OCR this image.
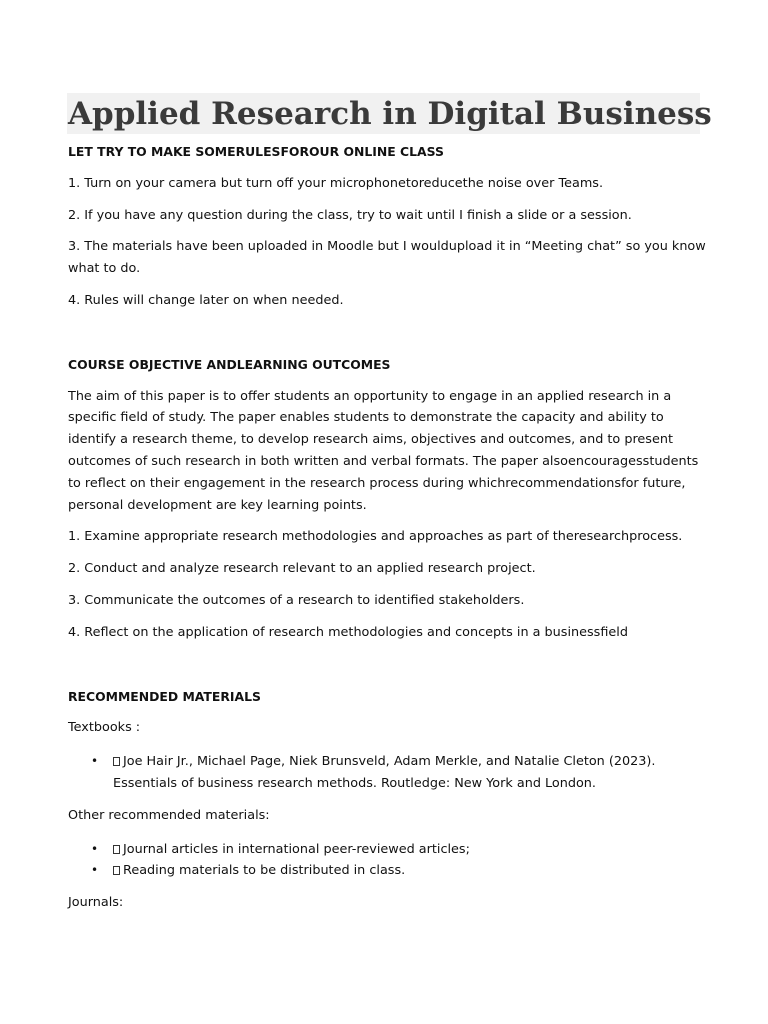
Applied Research in Digital Business

LET TRY TO MAKE SOMERULESFOROUR ONLINE CLASS

1. Turn on your camera but turn off your microphonetoreducethe noise over Teams.

2. If you have any question during the class, try to wait until I finish a slide or a session.

3. The materials have been uploaded in Moodle but I wouldupload it in “Meeting chat” so you know what to do.

4. Rules will change later on when needed.

COURSE OBJECTIVE ANDLEARNING OUTCOMES

The aim of this paper is to offer students an opportunity to engage in an applied research in a specific field of study. The paper enables students to demonstrate the capacity and ability to identify a research theme, to develop research aims, objectives and outcomes, and to present outcomes of such research in both written and verbal formats. The paper alsoencouragesstudents to reflect on their engagement in the research process during whichrecommendationsfor future, personal development are key learning points.

1. Examine appropriate research methodologies and approaches as part of theresearchprocess.

2. Conduct and analyze research relevant to an applied research project.

3. Communicate the outcomes of a research to identified stakeholders.

4. Reflect on the application of research methodologies and concepts in a businessfield

RECOMMENDED MATERIALS

Textbooks :

• Joe Hair Jr., Michael Page, Niek Brunsveld, Adam Merkle, and Natalie Cleton (2023). Essentials of business research methods. Routledge: New York and London.

Other recommended materials:

• Journal articles in international peer-reviewed articles;
• Reading materials to be distributed in class.

Journals:
